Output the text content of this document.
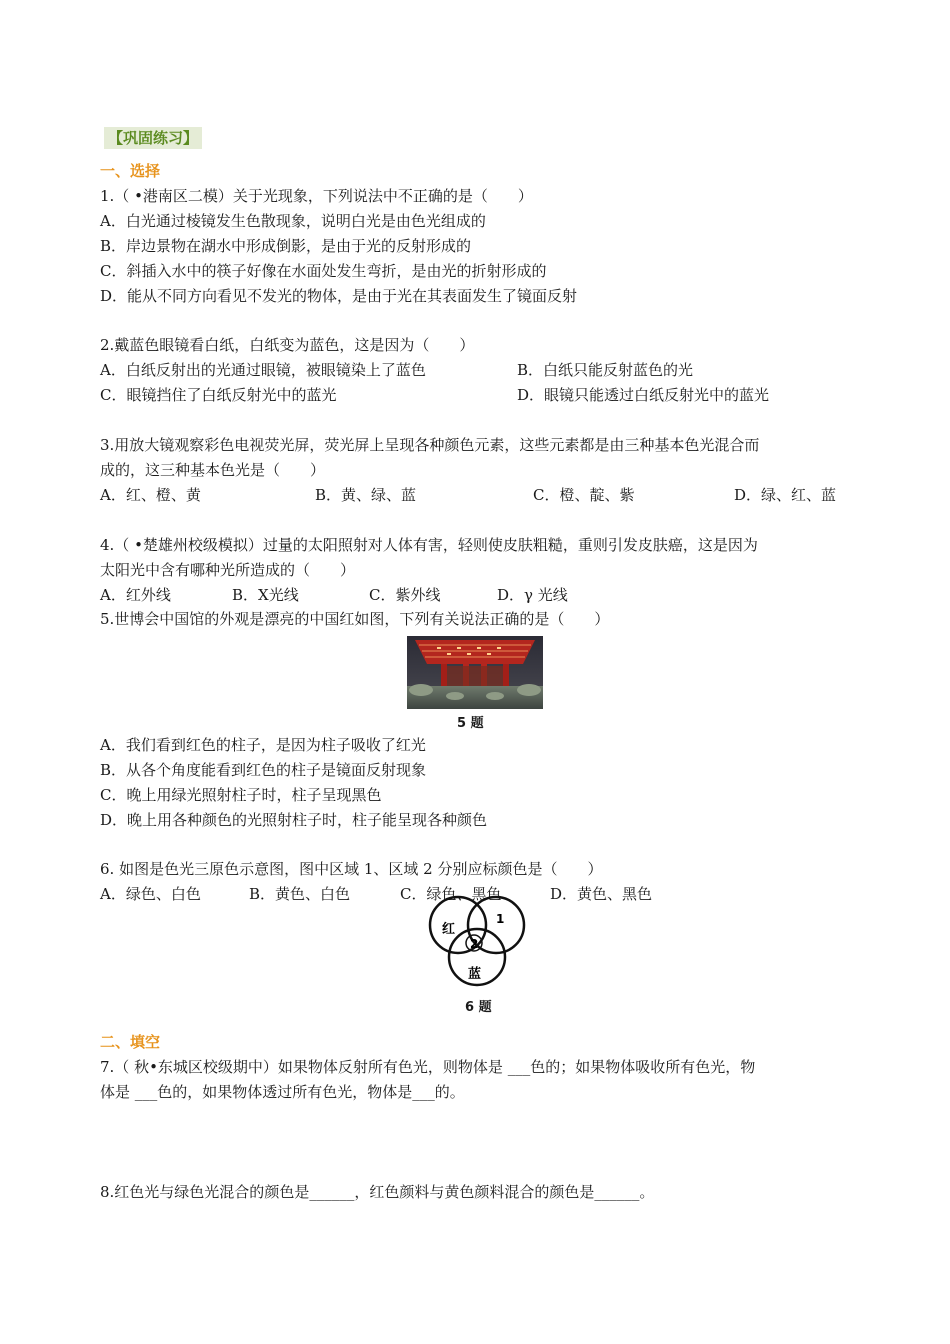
【巩固练习】
一、选择
1.（ •港南区二模）关于光现象，下列说法中不正确的是（　　）
A．白光通过棱镜发生色散现象，说明白光是由色光组成的
B．岸边景物在湖水中形成倒影，是由于光的反射形成的
C．斜插入水中的筷子好像在水面处发生弯折，是由光的折射形成的
D．能从不同方向看见不发光的物体，是由于光在其表面发生了镜面反射
2.戴蓝色眼镜看白纸，白纸变为蓝色，这是因为（　　）
A．白纸反射出的光通过眼镜，被眼镜染上了蓝色	B．白纸只能反射蓝色的光
C．眼镜挡住了白纸反射光中的蓝光	D．眼镜只能透过白纸反射光中的蓝光
3.用放大镜观察彩色电视荧光屏，荧光屏上呈现各种颜色元素，这些元素都是由三种基本色光混合而
成的，这三种基本色光是（　　）
A．红、橙、黄	B．黄、绿、蓝	C．橙、靛、紫	D．绿、红、蓝
4.（ •楚雄州校级模拟）过量的太阳照射对人体有害，轻则使皮肤粗糙，重则引发皮肤癌，这是因为
太阳光中含有哪种光所造成的（　　）
A．红外线	B．X光线	C．紫外线	D．γ 光线
5.世博会中国馆的外观是漂亮的中国红如图，下列有关说法正确的是（　　）
5 题
A．我们看到红色的柱子，是因为柱子吸收了红光
B．从各个角度能看到红色的柱子是镜面反射现象
C．晚上用绿光照射柱子时，柱子呈现黑色
D．晚上用各种颜色的光照射柱子时，柱子能呈现各种颜色
6. 如图是色光三原色示意图，图中区域 1、区域 2 分别应标颜色是（　　）
A．绿色、白色	B．黄色、白色	C．绿色、黑色	D．黄色、黑色
红
1
2
蓝
6 题
二、填空
7.（ 秋•东城区校级期中）如果物体反射所有色光，则物体是 ___色的；如果物体吸收所有色光，物
体是 ___色的，如果物体透过所有色光，物体是___的。
8.红色光与绿色光混合的颜色是______，红色颜料与黄色颜料混合的颜色是______。
